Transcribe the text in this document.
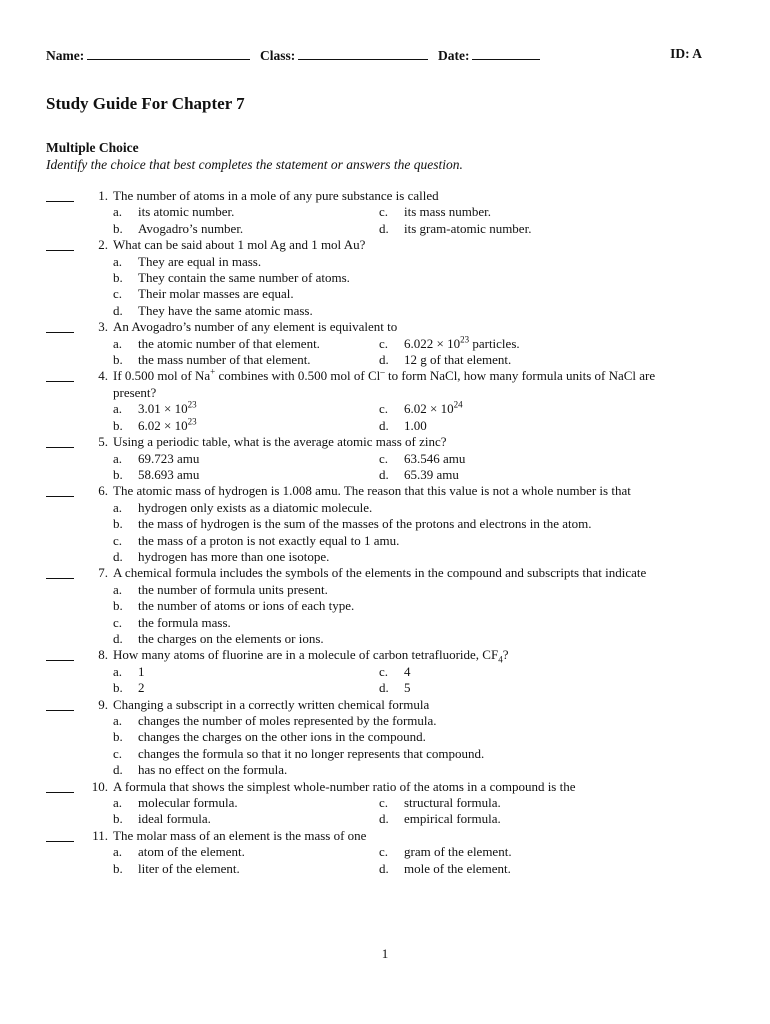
Name:	Class:	Date:	ID: A
Study Guide For Chapter 7
Multiple Choice
Identify the choice that best completes the statement or answers the question.
1. The number of atoms in a mole of any pure substance is called
a.	its atomic number.	c.	its mass number.
b.	Avogadro’s number.	d.	its gram-atomic number.
2. What can be said about 1 mol Ag and 1 mol Au?
a.	They are equal in mass.
b.	They contain the same number of atoms.
c.	Their molar masses are equal.
d.	They have the same atomic mass.
3. An Avogadro’s number of any element is equivalent to
a.	the atomic number of that element.	c.	$6.022 \times 10^{23}$ particles.
b.	the mass number of that element.	d.	12 g of that element.
4. If 0.500 mol of Na+ combines with 0.500 mol of Cl– to form NaCl, how many formula units of NaCl are
present?
a.	$3.01 \times 10^{23}$	c.	$6.02 \times 10^{24}$
b.	$6.02 \times 10^{23}$	d.	1.00
5. Using a periodic table, what is the average atomic mass of zinc?
a.	69.723 amu	c.	63.546 amu
b.	58.693 amu	d.	65.39 amu
6. The atomic mass of hydrogen is 1.008 amu. The reason that this value is not a whole number is that
a.	hydrogen only exists as a diatomic molecule.
b.	the mass of hydrogen is the sum of the masses of the protons and electrons in the atom.
c.	the mass of a proton is not exactly equal to 1 amu.
d.	hydrogen has more than one isotope.
7. A chemical formula includes the symbols of the elements in the compound and subscripts that indicate
a.	the number of formula units present.
b.	the number of atoms or ions of each type.
c.	the formula mass.
d.	the charges on the elements or ions.
8. How many atoms of fluorine are in a molecule of carbon tetrafluoride, $CF_4$?
a.	1	c.	4
b.	2	d.	5
9. Changing a subscript in a correctly written chemical formula
a.	changes the number of moles represented by the formula.
b.	changes the charges on the other ions in the compound.
c.	changes the formula so that it no longer represents that compound.
d.	has no effect on the formula.
10. A formula that shows the simplest whole-number ratio of the atoms in a compound is the
a.	molecular formula.	c.	structural formula.
b.	ideal formula.	d.	empirical formula.
11. The molar mass of an element is the mass of one
a.	atom of the element.	c.	gram of the element.
b.	liter of the element.	d.	mole of the element.
1
